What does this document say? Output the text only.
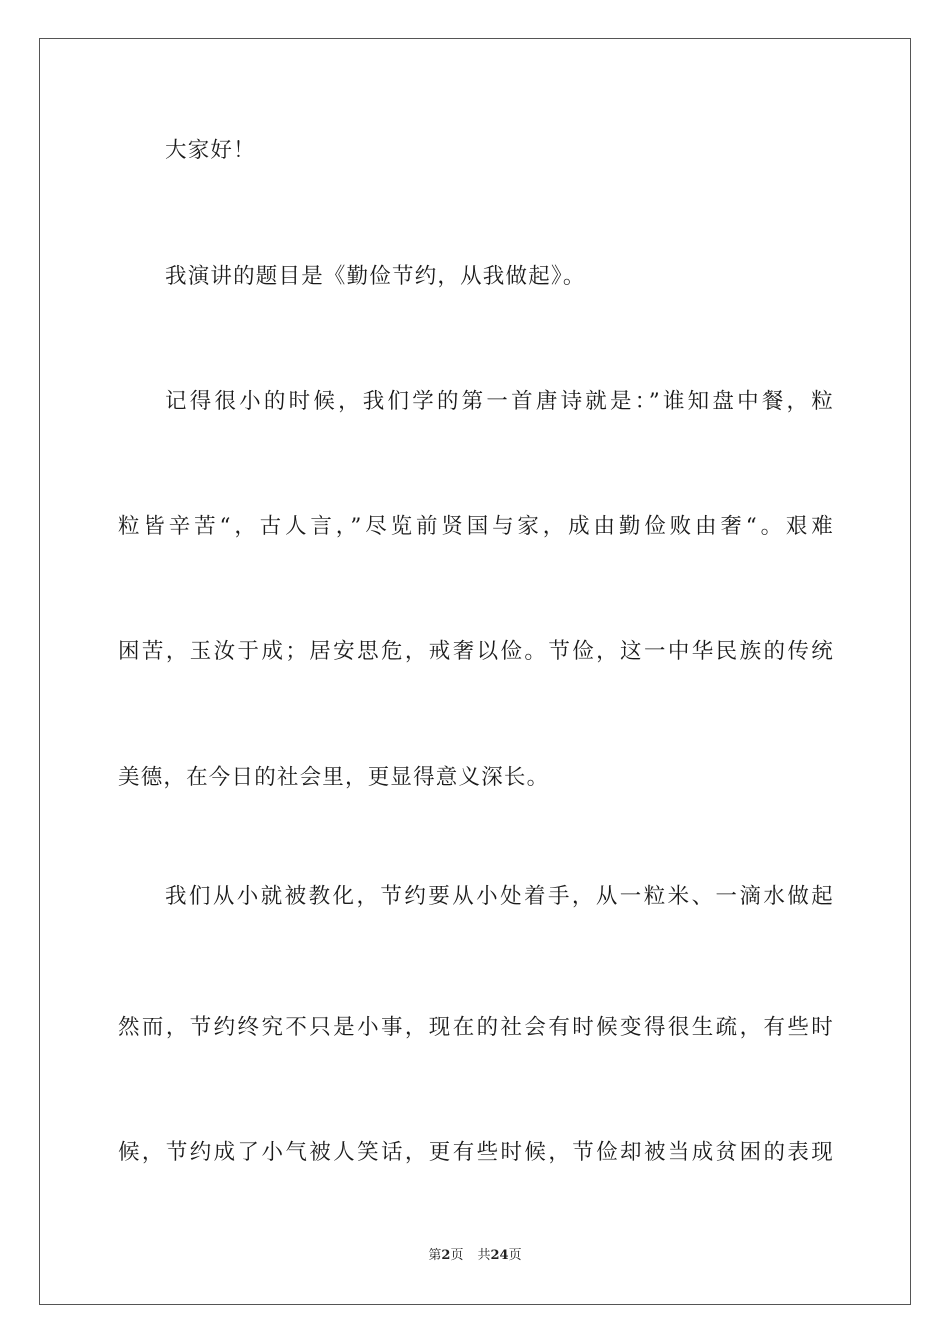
大家好！
我演讲的题目是《勤俭节约，从我做起》。
记得很小的时候，我们学的第一首唐诗就是：”谁知盘中餐，粒
粒皆辛苦“，古人言，”尽览前贤国与家，成由勤俭败由奢“。艰难
困苦，玉汝于成；居安思危，戒奢以俭。节俭，这一中华民族的传统
美德，在今日的社会里，更显得意义深长。
我们从小就被教化，节约要从小处着手，从一粒米、一滴水做起
然而，节约终究不只是小事，现在的社会有时候变得很生疏，有些时
候，节约成了小气被人笑话，更有些时候，节俭却被当成贫困的表现
第2页 共24页
